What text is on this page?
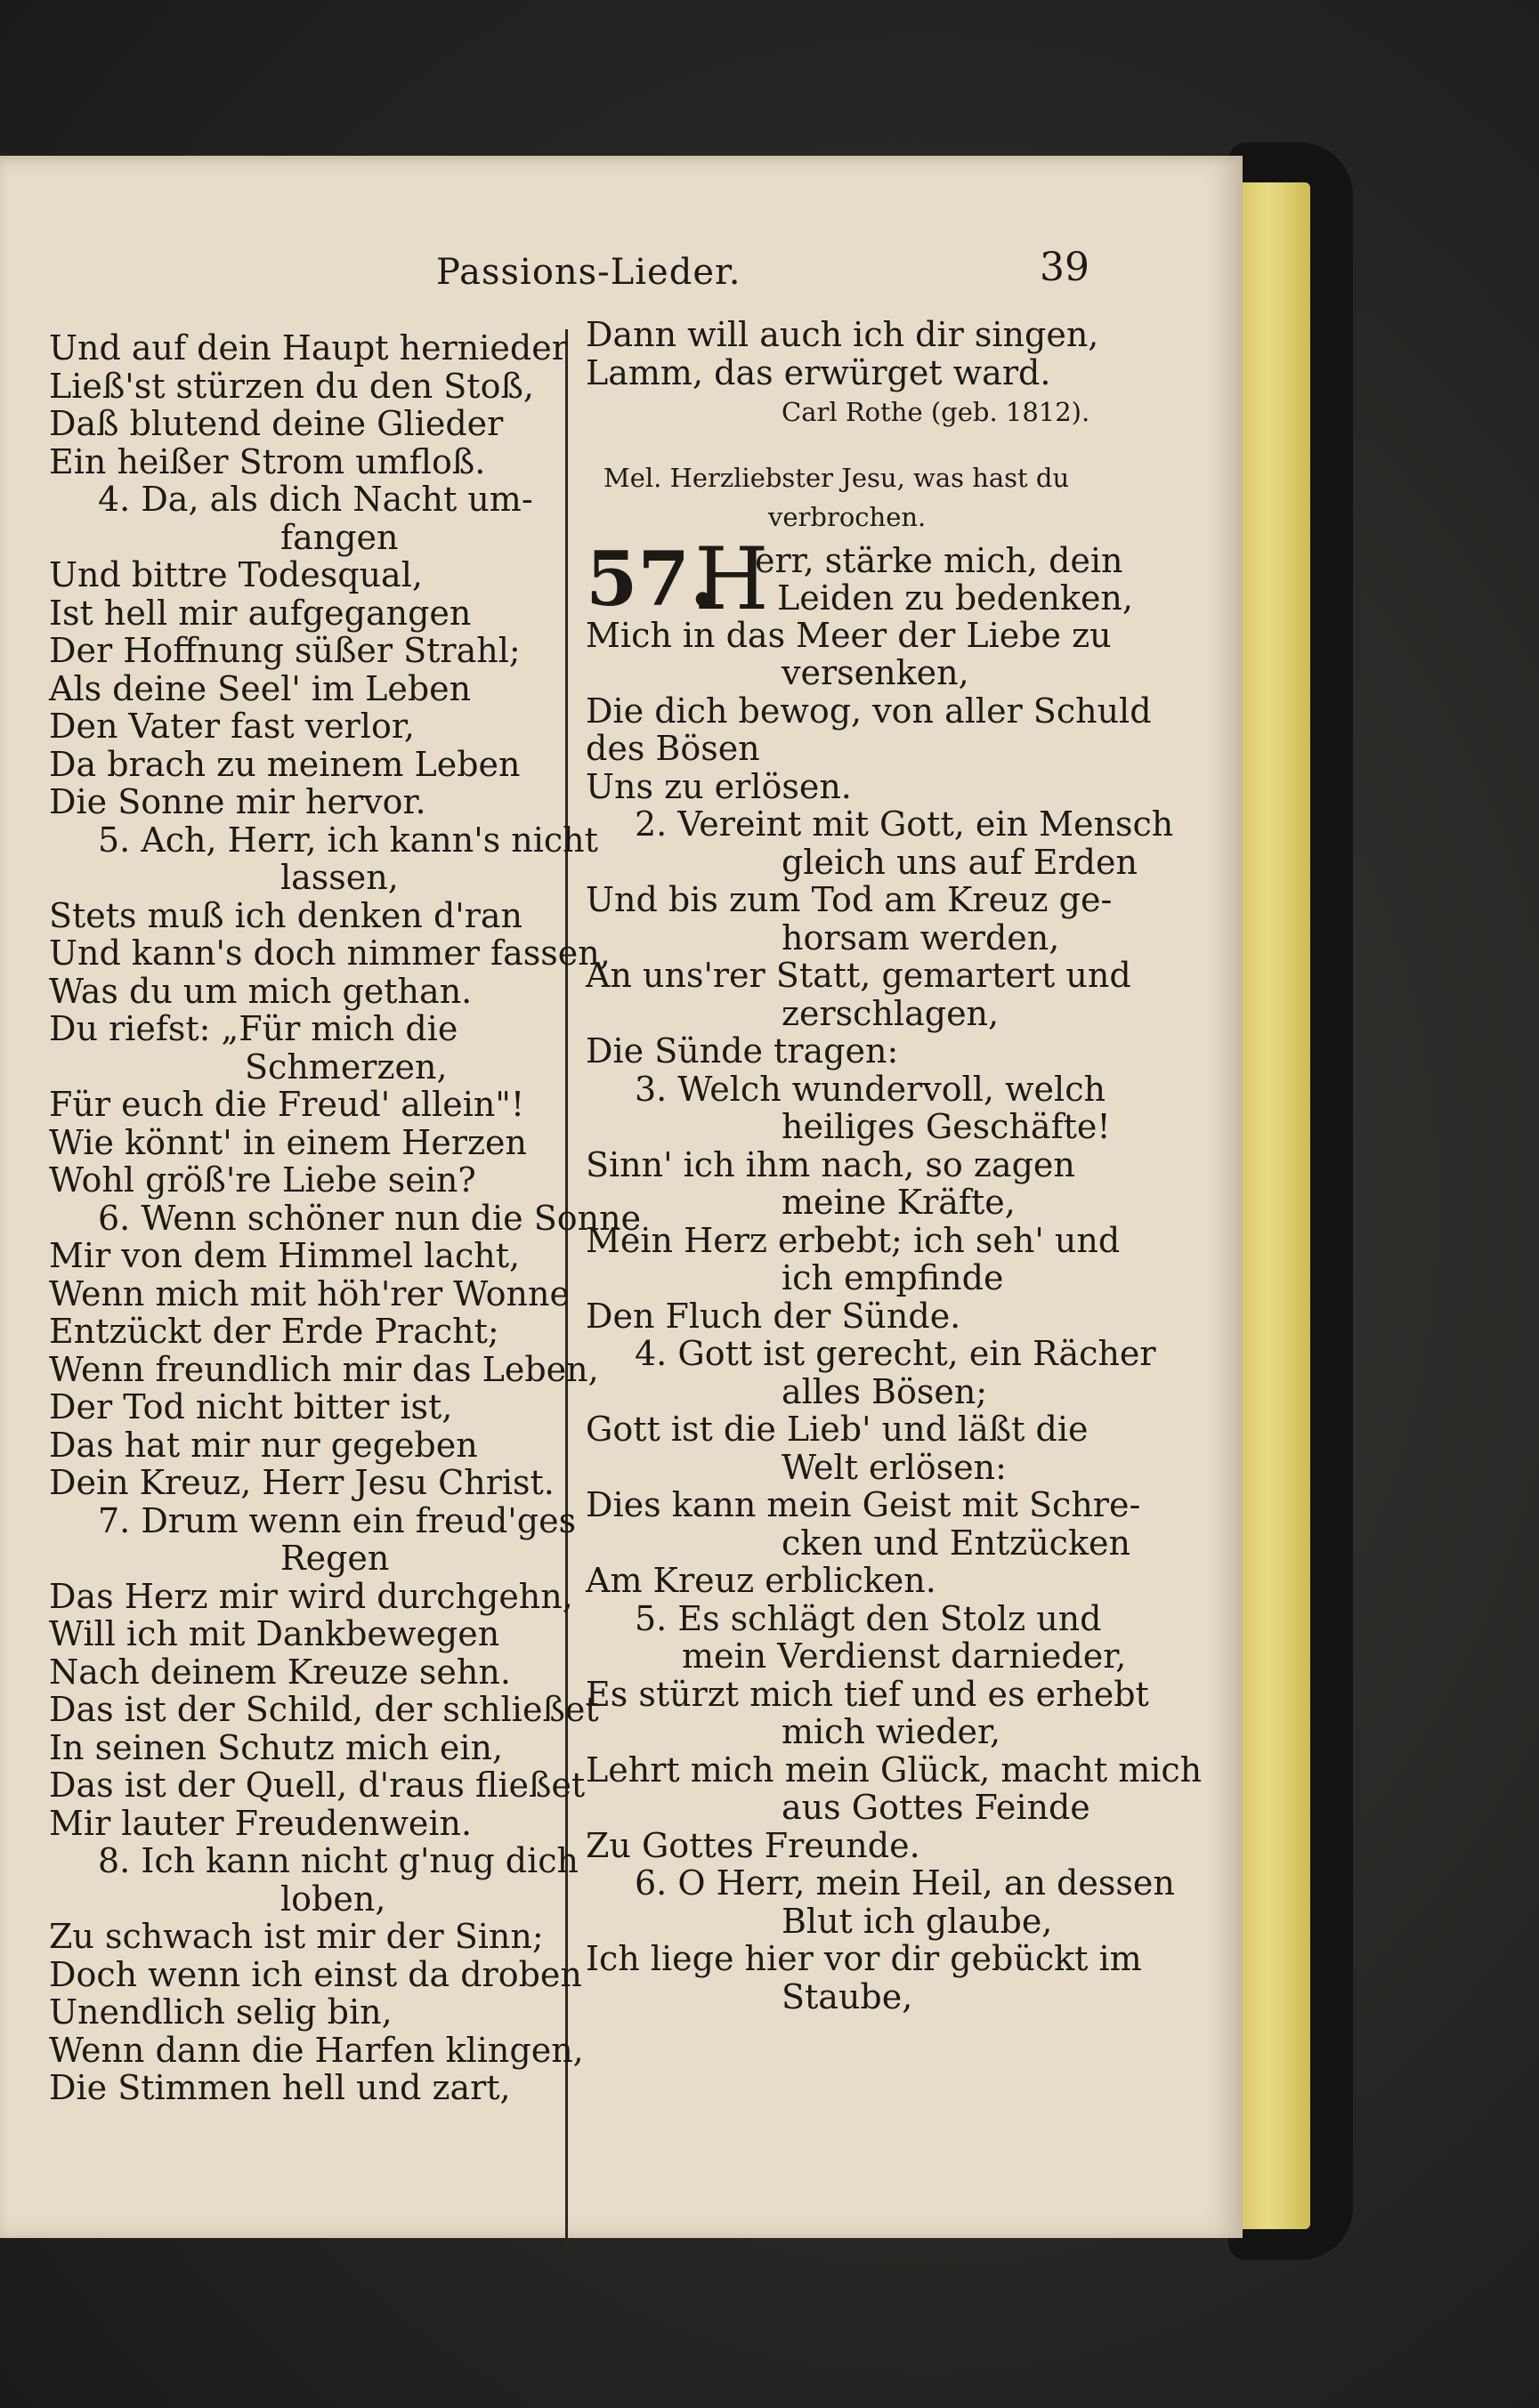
Passions-Lieder.	39
Und auf dein Haupt hernieder
Ließ'st stürzen du den Stoß,
Daß blutend deine Glieder
Ein heißer Strom umfloß.
4. Da, als dich Nacht um-
fangen
Und bittre Todesqual,
Ist hell mir aufgegangen
Der Hoffnung süßer Strahl;
Als deine Seel' im Leben
Den Vater fast verlor,
Da brach zu meinem Leben
Die Sonne mir hervor.
5. Ach, Herr, ich kann's nicht
lassen,
Stets muß ich denken d'ran
Und kann's doch nimmer fassen,
Was du um mich gethan.
Du riefst: „Für mich die
Schmerzen,
Für euch die Freud' allein"!
Wie könnt' in einem Herzen
Wohl größ're Liebe sein?
6. Wenn schöner nun die Sonne
Mir von dem Himmel lacht,
Wenn mich mit höh'rer Wonne
Entzückt der Erde Pracht;
Wenn freundlich mir das Leben,
Der Tod nicht bitter ist,
Das hat mir nur gegeben
Dein Kreuz, Herr Jesu Christ.
7. Drum wenn ein freud'ges
Regen
Das Herz mir wird durchgehn,
Will ich mit Dankbewegen
Nach deinem Kreuze sehn.
Das ist der Schild, der schließet
In seinen Schutz mich ein,
Das ist der Quell, d'raus fließet
Mir lauter Freudenwein.
8. Ich kann nicht g'nug dich
loben,
Zu schwach ist mir der Sinn;
Doch wenn ich einst da droben
Unendlich selig bin,
Wenn dann die Harfen klingen,
Die Stimmen hell und zart,
Dann will auch ich dir singen,
Lamm, das erwürget ward.
Carl Rothe (geb. 1812).
Mel. Herzliebster Jesu, was hast du
verbrochen.
57.
H
err, stärke mich, dein
Leiden zu bedenken,
Mich in das Meer der Liebe zu
versenken,
Die dich bewog, von aller Schuld
des Bösen
Uns zu erlösen.
2. Vereint mit Gott, ein Mensch
gleich uns auf Erden
Und bis zum Tod am Kreuz ge-
horsam werden,
An uns'rer Statt, gemartert und
zerschlagen,
Die Sünde tragen:
3. Welch wundervoll, welch
heiliges Geschäfte!
Sinn' ich ihm nach, so zagen
meine Kräfte,
Mein Herz erbebt; ich seh' und
ich empfinde
Den Fluch der Sünde.
4. Gott ist gerecht, ein Rächer
alles Bösen;
Gott ist die Lieb' und läßt die
Welt erlösen:
Dies kann mein Geist mit Schre-
cken und Entzücken
Am Kreuz erblicken.
5. Es schlägt den Stolz und
mein Verdienst darnieder,
Es stürzt mich tief und es erhebt
mich wieder,
Lehrt mich mein Glück, macht mich
aus Gottes Feinde
Zu Gottes Freunde.
6. O Herr, mein Heil, an dessen
Blut ich glaube,
Ich liege hier vor dir gebückt im
Staube,
